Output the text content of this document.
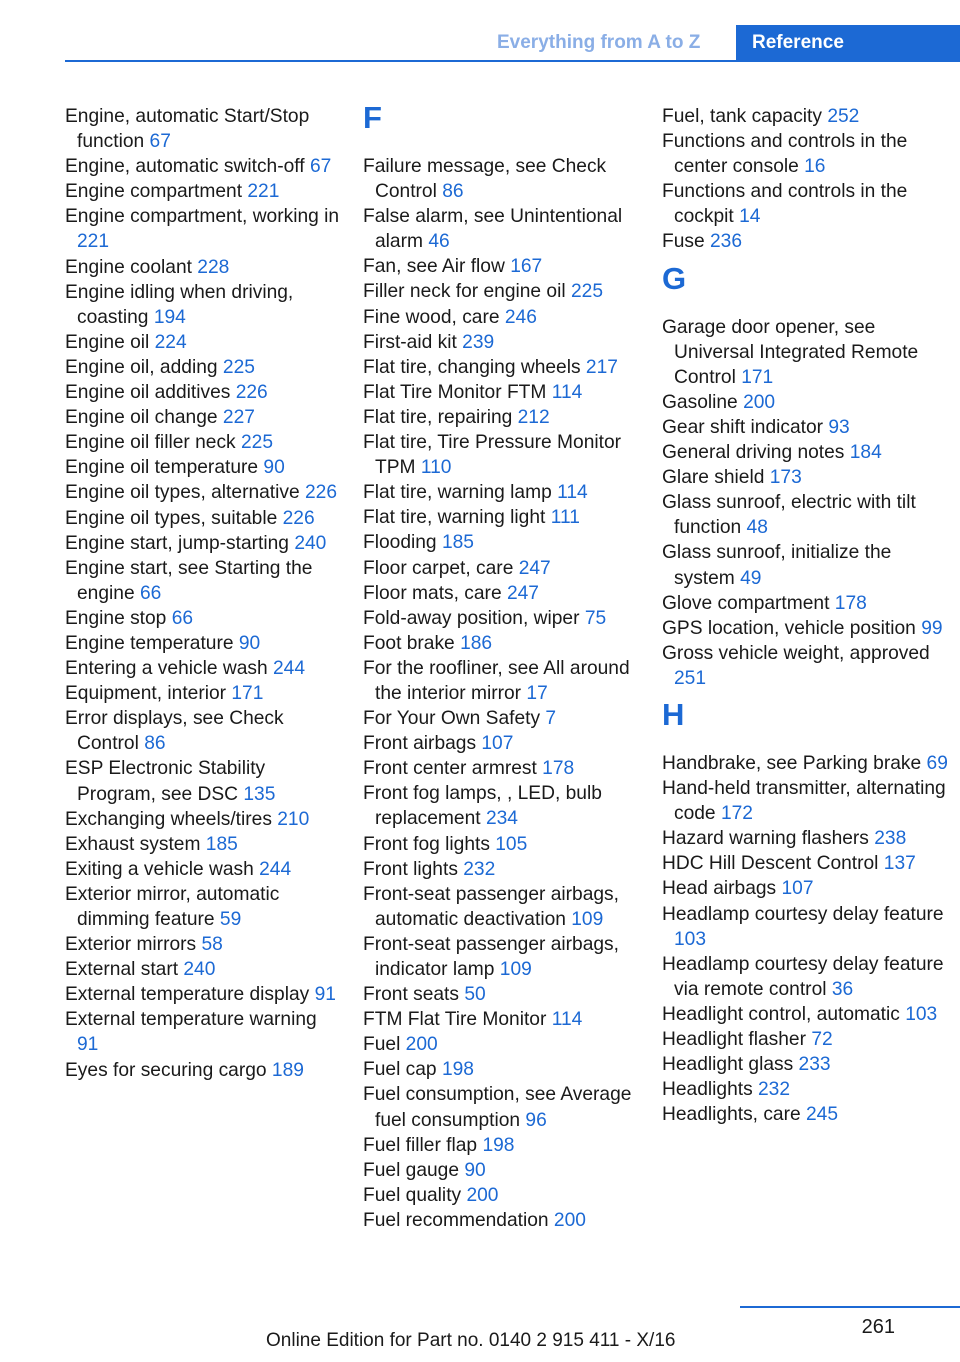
Everything from A to Z	Reference
Engine, automatic Start/Stop function 67
Engine, automatic switch-off 67
Engine compartment 221
Engine compartment, working in 221
Engine coolant 228
Engine idling when driving, coasting 194
Engine oil 224
Engine oil, adding 225
Engine oil additives 226
Engine oil change 227
Engine oil filler neck 225
Engine oil temperature 90
Engine oil types, alternative 226
Engine oil types, suitable 226
Engine start, jump-starting 240
Engine start, see Starting the engine 66
Engine stop 66
Engine temperature 90
Entering a vehicle wash 244
Equipment, interior 171
Error displays, see Check Control 86
ESP Electronic Stability Program, see DSC 135
Exchanging wheels/tires 210
Exhaust system 185
Exiting a vehicle wash 244
Exterior mirror, automatic dimming feature 59
Exterior mirrors 58
External start 240
External temperature display 91
External temperature warning 91
Eyes for securing cargo 189
F
Failure message, see Check Control 86
False alarm, see Unintentional alarm 46
Fan, see Air flow 167
Filler neck for engine oil 225
Fine wood, care 246
First-aid kit 239
Flat tire, changing wheels 217
Flat Tire Monitor FTM 114
Flat tire, repairing 212
Flat tire, Tire Pressure Monitor TPM 110
Flat tire, warning lamp 114
Flat tire, warning light 111
Flooding 185
Floor carpet, care 247
Floor mats, care 247
Fold-away position, wiper 75
Foot brake 186
For the roofliner, see All around the interior mirror 17
For Your Own Safety 7
Front airbags 107
Front center armrest 178
Front fog lamps, , LED, bulb replacement 234
Front fog lights 105
Front lights 232
Front-seat passenger airbags, automatic deactivation 109
Front-seat passenger airbags, indicator lamp 109
Front seats 50
FTM Flat Tire Monitor 114
Fuel 200
Fuel cap 198
Fuel consumption, see Average fuel consumption 96
Fuel filler flap 198
Fuel gauge 90
Fuel quality 200
Fuel recommendation 200
Fuel, tank capacity 252
Functions and controls in the center console 16
Functions and controls in the cockpit 14
Fuse 236
G
Garage door opener, see Universal Integrated Remote Control 171
Gasoline 200
Gear shift indicator 93
General driving notes 184
Glare shield 173
Glass sunroof, electric with tilt function 48
Glass sunroof, initialize the system 49
Glove compartment 178
GPS location, vehicle position 99
Gross vehicle weight, approved 251
H
Handbrake, see Parking brake 69
Hand-held transmitter, alternating code 172
Hazard warning flashers 238
HDC Hill Descent Control 137
Head airbags 107
Headlamp courtesy delay feature 103
Headlamp courtesy delay feature via remote control 36
Headlight control, automatic 103
Headlight flasher 72
Headlight glass 233
Headlights 232
Headlights, care 245
261
Online Edition for Part no. 0140 2 915 411 - X/16
